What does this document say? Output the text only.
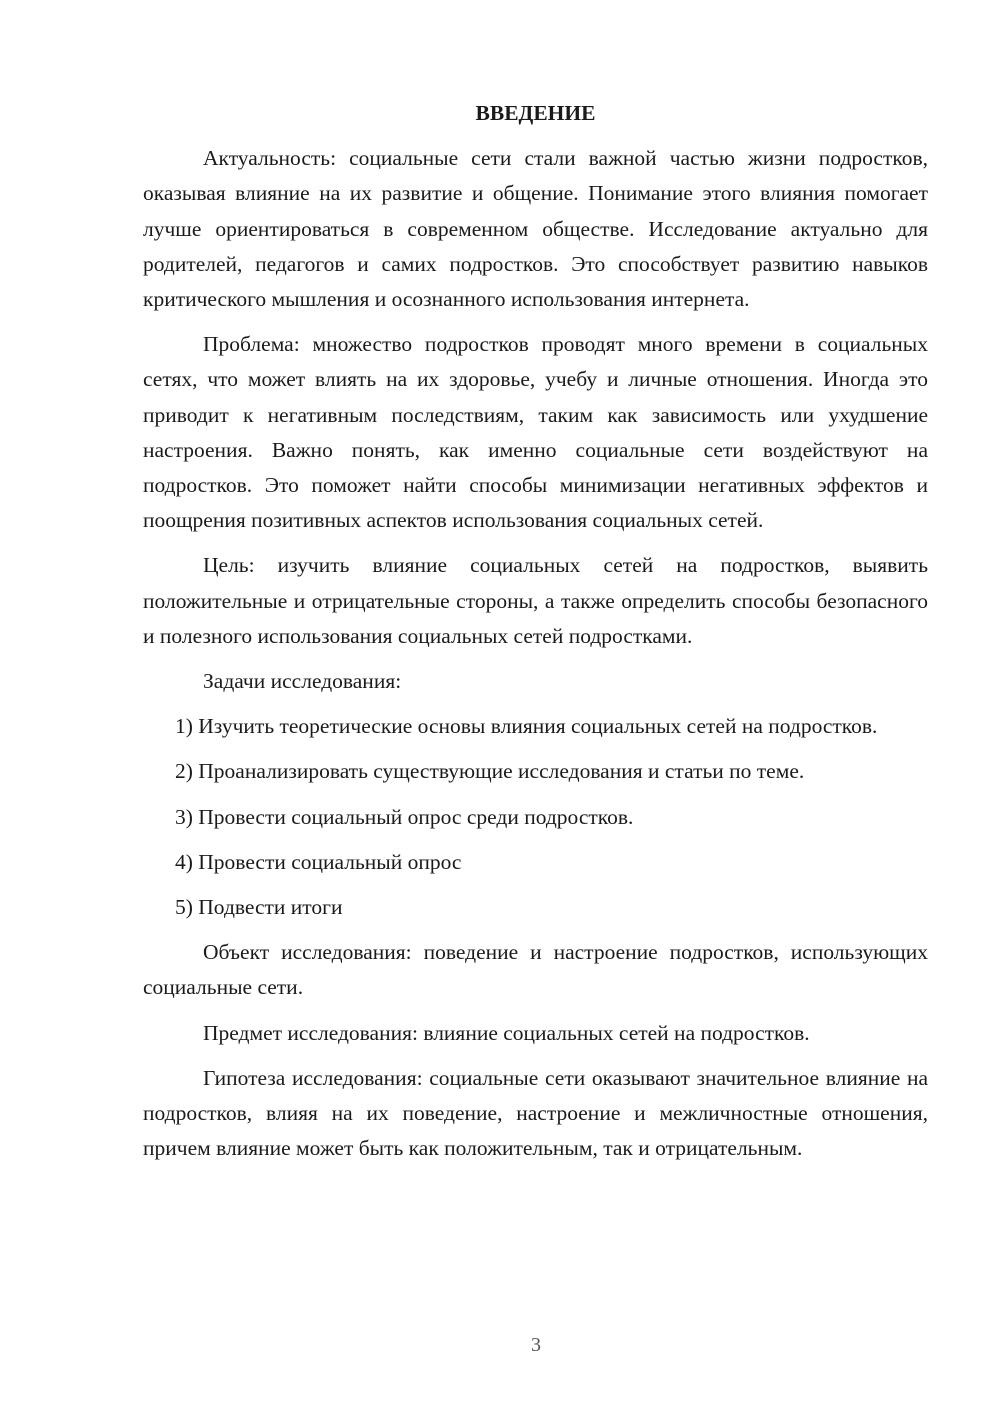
ВВЕДЕНИЕ

Актуальность: социальные сети стали важной частью жизни подростков, оказывая влияние на их развитие и общение. Понимание этого влияния помогает лучше ориентироваться в современном обществе. Исследование актуально для родителей, педагогов и самих подростков. Это способствует развитию навыков критического мышления и осознанного использования интернета.

Проблема: множество подростков проводят много времени в социальных сетях, что может влиять на их здоровье, учебу и личные отношения. Иногда это приводит к негативным последствиям, таким как зависимость или ухудшение настроения. Важно понять, как именно социальные сети воздействуют на подростков. Это поможет найти способы минимизации негативных эффектов и поощрения позитивных аспектов использования социальных сетей.

Цель: изучить влияние социальных сетей на подростков, выявить положительные и отрицательные стороны, а также определить способы безопасного и полезного использования социальных сетей подростками.

Задачи исследования:

1) Изучить теоретические основы влияния социальных сетей на подростков.

2) Проанализировать существующие исследования и статьи по теме.

3) Провести социальный опрос среди подростков.

4) Провести социальный опрос

5) Подвести итоги

Объект исследования: поведение и настроение подростков, использующих социальные сети.

Предмет исследования: влияние социальных сетей на подростков.

Гипотеза исследования: социальные сети оказывают значительное влияние на подростков, влияя на их поведение, настроение и межличностные отношения, причем влияние может быть как положительным, так и отрицательным.

3
